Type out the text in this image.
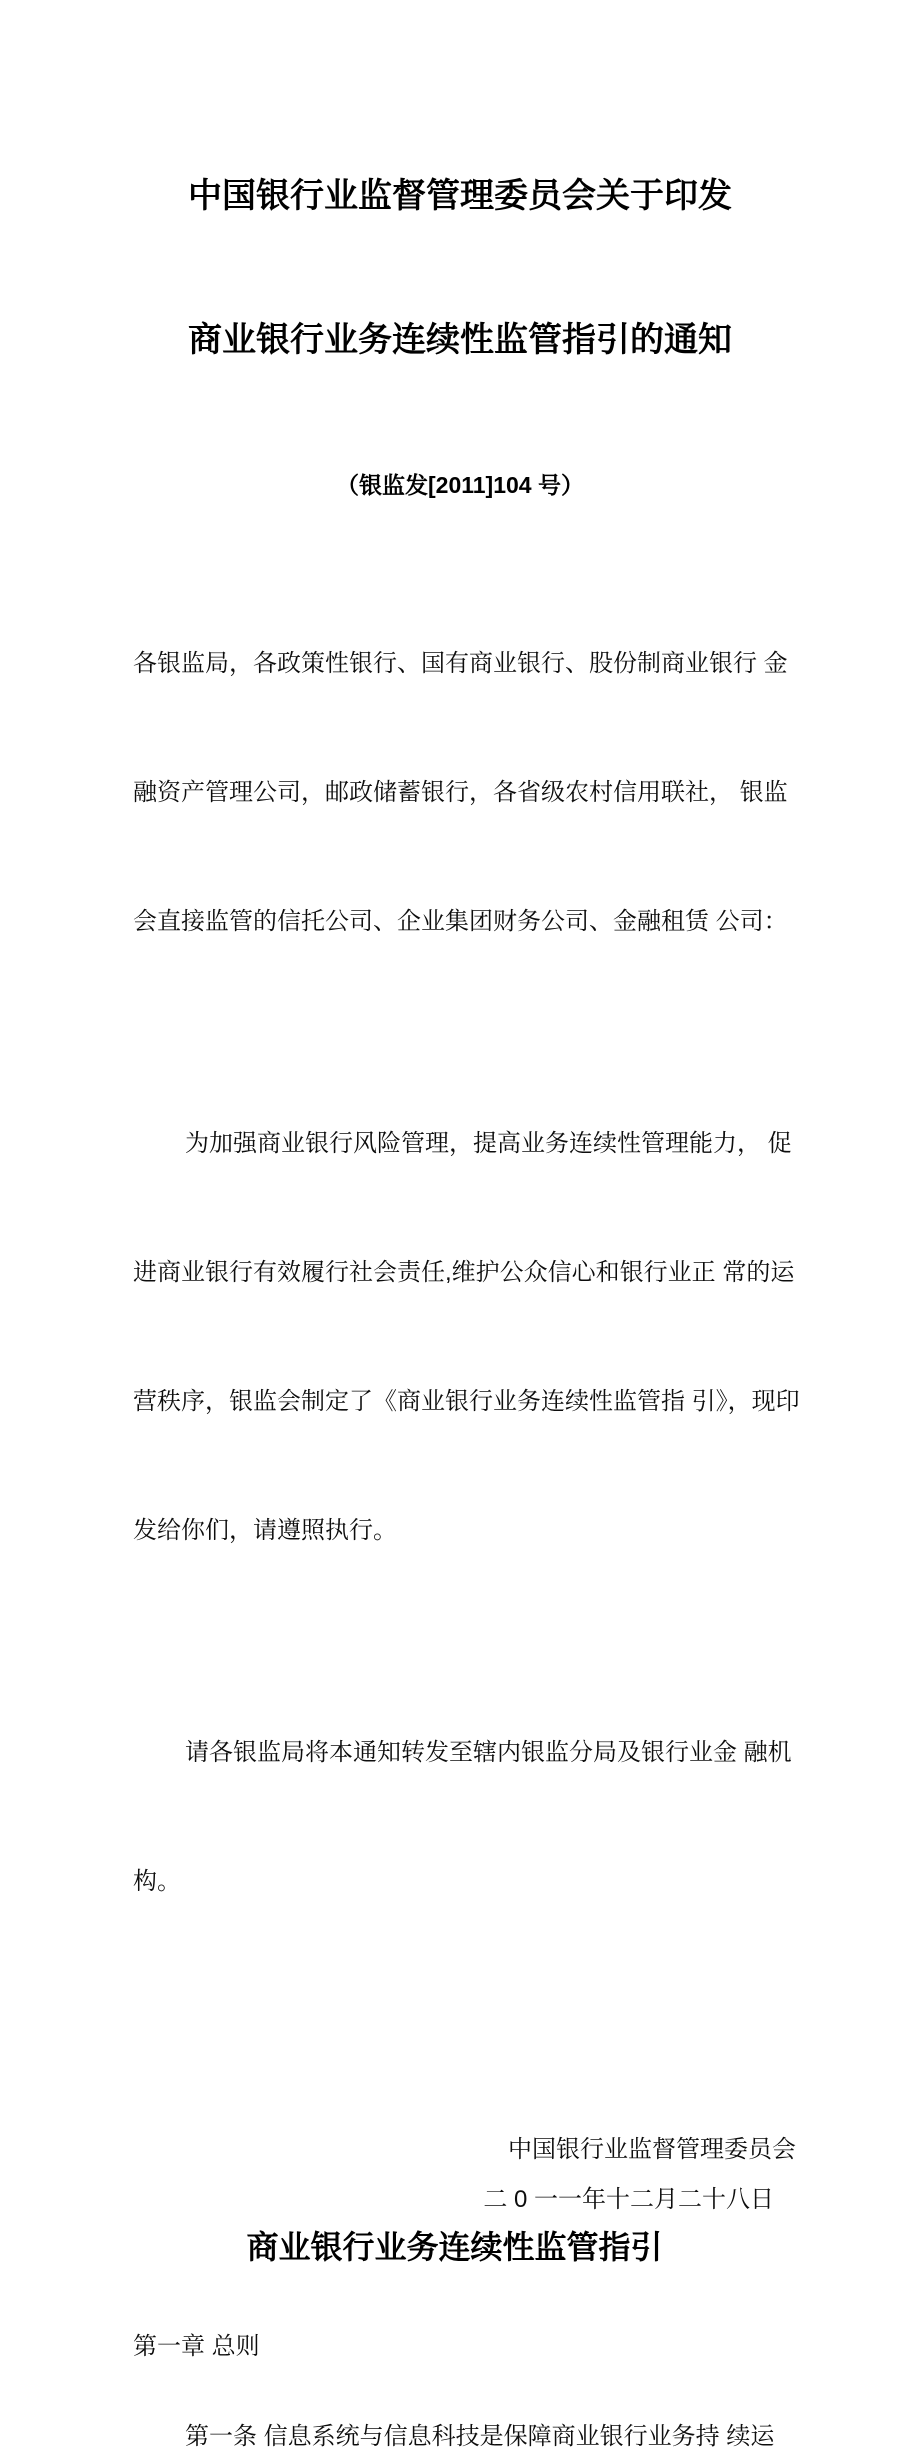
中国银行业监督管理委员会关于印发

商业银行业务连续性监管指引的通知

（银监发[2011]104 号）

各银监局，各政策性银行、国有商业银行、股份制商业银行 金

融资产管理公司，邮政储蓄银行，各省级农村信用联社， 银监

会直接监管的信托公司、企业集团财务公司、金融租赁 公司：

为加强商业银行风险管理，提高业务连续性管理能力， 促

进商业银行有效履行社会责任,维护公众信心和银行业正 常的运

营秩序，银监会制定了《商业银行业务连续性监管指 引》，现印

发给你们，请遵照执行。

请各银监局将本通知转发至辖内银监分局及银行业金 融机

构。

中国银行业监督管理委员会
二 0 一一年十二月二十八日
商业银行业务连续性监管指引
第一章 总则
第一条 信息系统与信息科技是保障商业银行业务持 续运
